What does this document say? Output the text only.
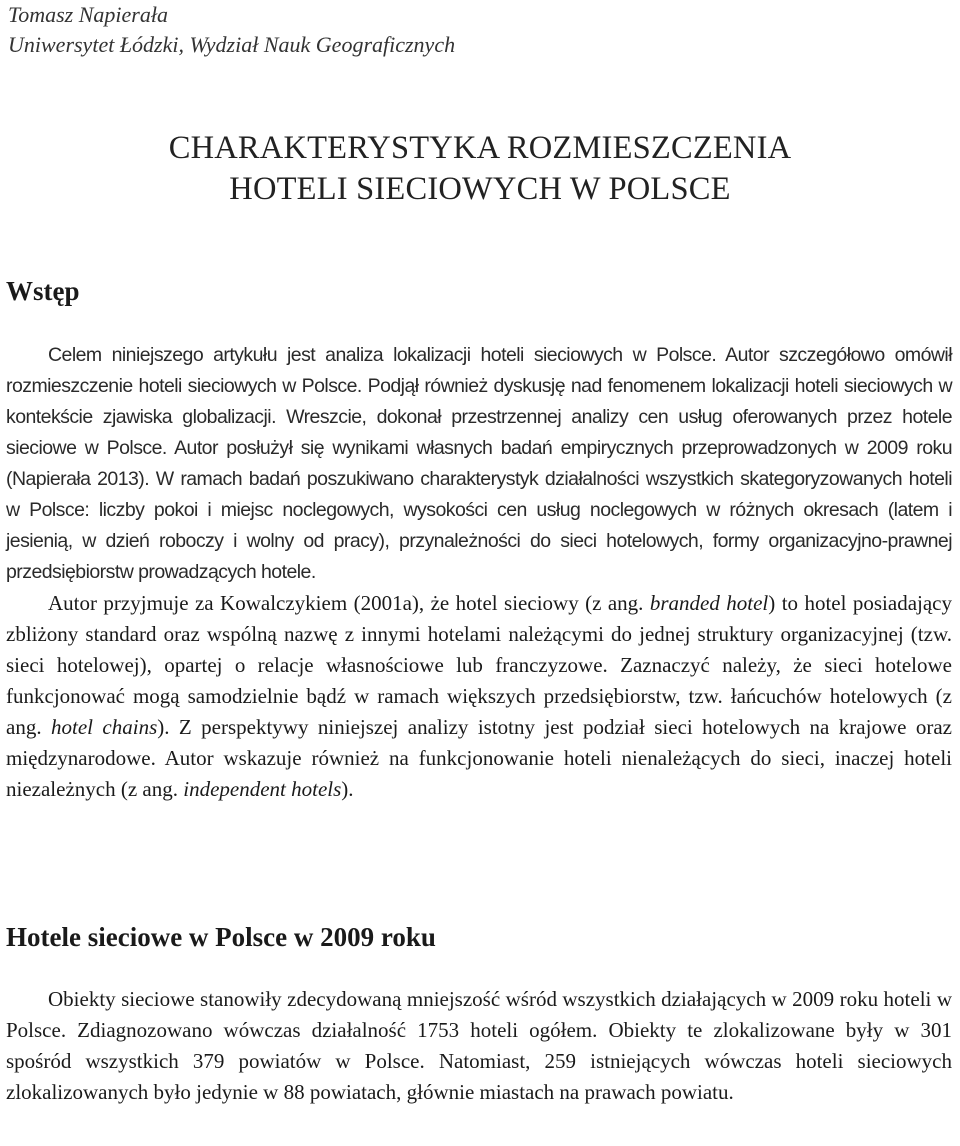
Tomasz Napierała
Uniwersytet Łódzki, Wydział Nauk Geograficznych
CHARAKTERYSTYKA ROZMIESZCZENIA
HOTELI SIECIOWYCH W POLSCE
Wstęp

Celem niniejszego artykułu jest analiza lokalizacji hoteli sieciowych w Polsce. Autor szczegółowo omówił rozmieszczenie hoteli sieciowych w Polsce. Podjął również dyskusję nad fenomenem lokalizacji hoteli sieciowych w kontekście zjawiska globalizacji. Wreszcie, dokonał przestrzennej analizy cen usług oferowanych przez hotele sieciowe w Polsce. Autor posłużył się wynikami własnych badań empirycznych przeprowadzonych w 2009 roku (Napierała 2013). W ramach badań poszukiwano charakterystyk działalności wszystkich skategoryzowanych hoteli w Polsce: liczby pokoi i miejsc noclegowych, wysokości cen usług noclegowych w różnych okresach (latem i jesienią, w dzień roboczy i wolny od pracy), przynależności do sieci hotelowych, formy organizacyjno-prawnej przedsiębiorstw prowadzących hotele.

Autor przyjmuje za Kowalczykiem (2001a), że hotel sieciowy (z ang. branded hotel) to hotel posiadający zbliżony standard oraz wspólną nazwę z innymi hotelami należącymi do jednej struktury organizacyjnej (tzw. sieci hotelowej), opartej o relacje własnościowe lub franczyzowe. Zaznaczyć należy, że sieci hotelowe funkcjonować mogą samodzielnie bądź w ramach większych przedsiębiorstw, tzw. łańcuchów hotelowych (z ang. hotel chains). Z perspektywy niniejszej analizy istotny jest podział sieci hotelowych na krajowe oraz międzynarodowe. Autor wskazuje również na funkcjonowanie hoteli nienależących do sieci, inaczej hoteli niezależnych (z ang. independent hotels).

Hotele sieciowe w Polsce w 2009 roku

Obiekty sieciowe stanowiły zdecydowaną mniejszość wśród wszystkich działających w 2009 roku hoteli w Polsce. Zdiagnozowano wówczas działalność 1753 hoteli ogółem. Obiekty te zlokalizowane były w 301 spośród wszystkich 379 powiatów w Polsce. Natomiast, 259 istniejących wówczas hoteli sieciowych zlokalizowanych było jedynie w 88 powiatach, głównie miastach na prawach powiatu.
